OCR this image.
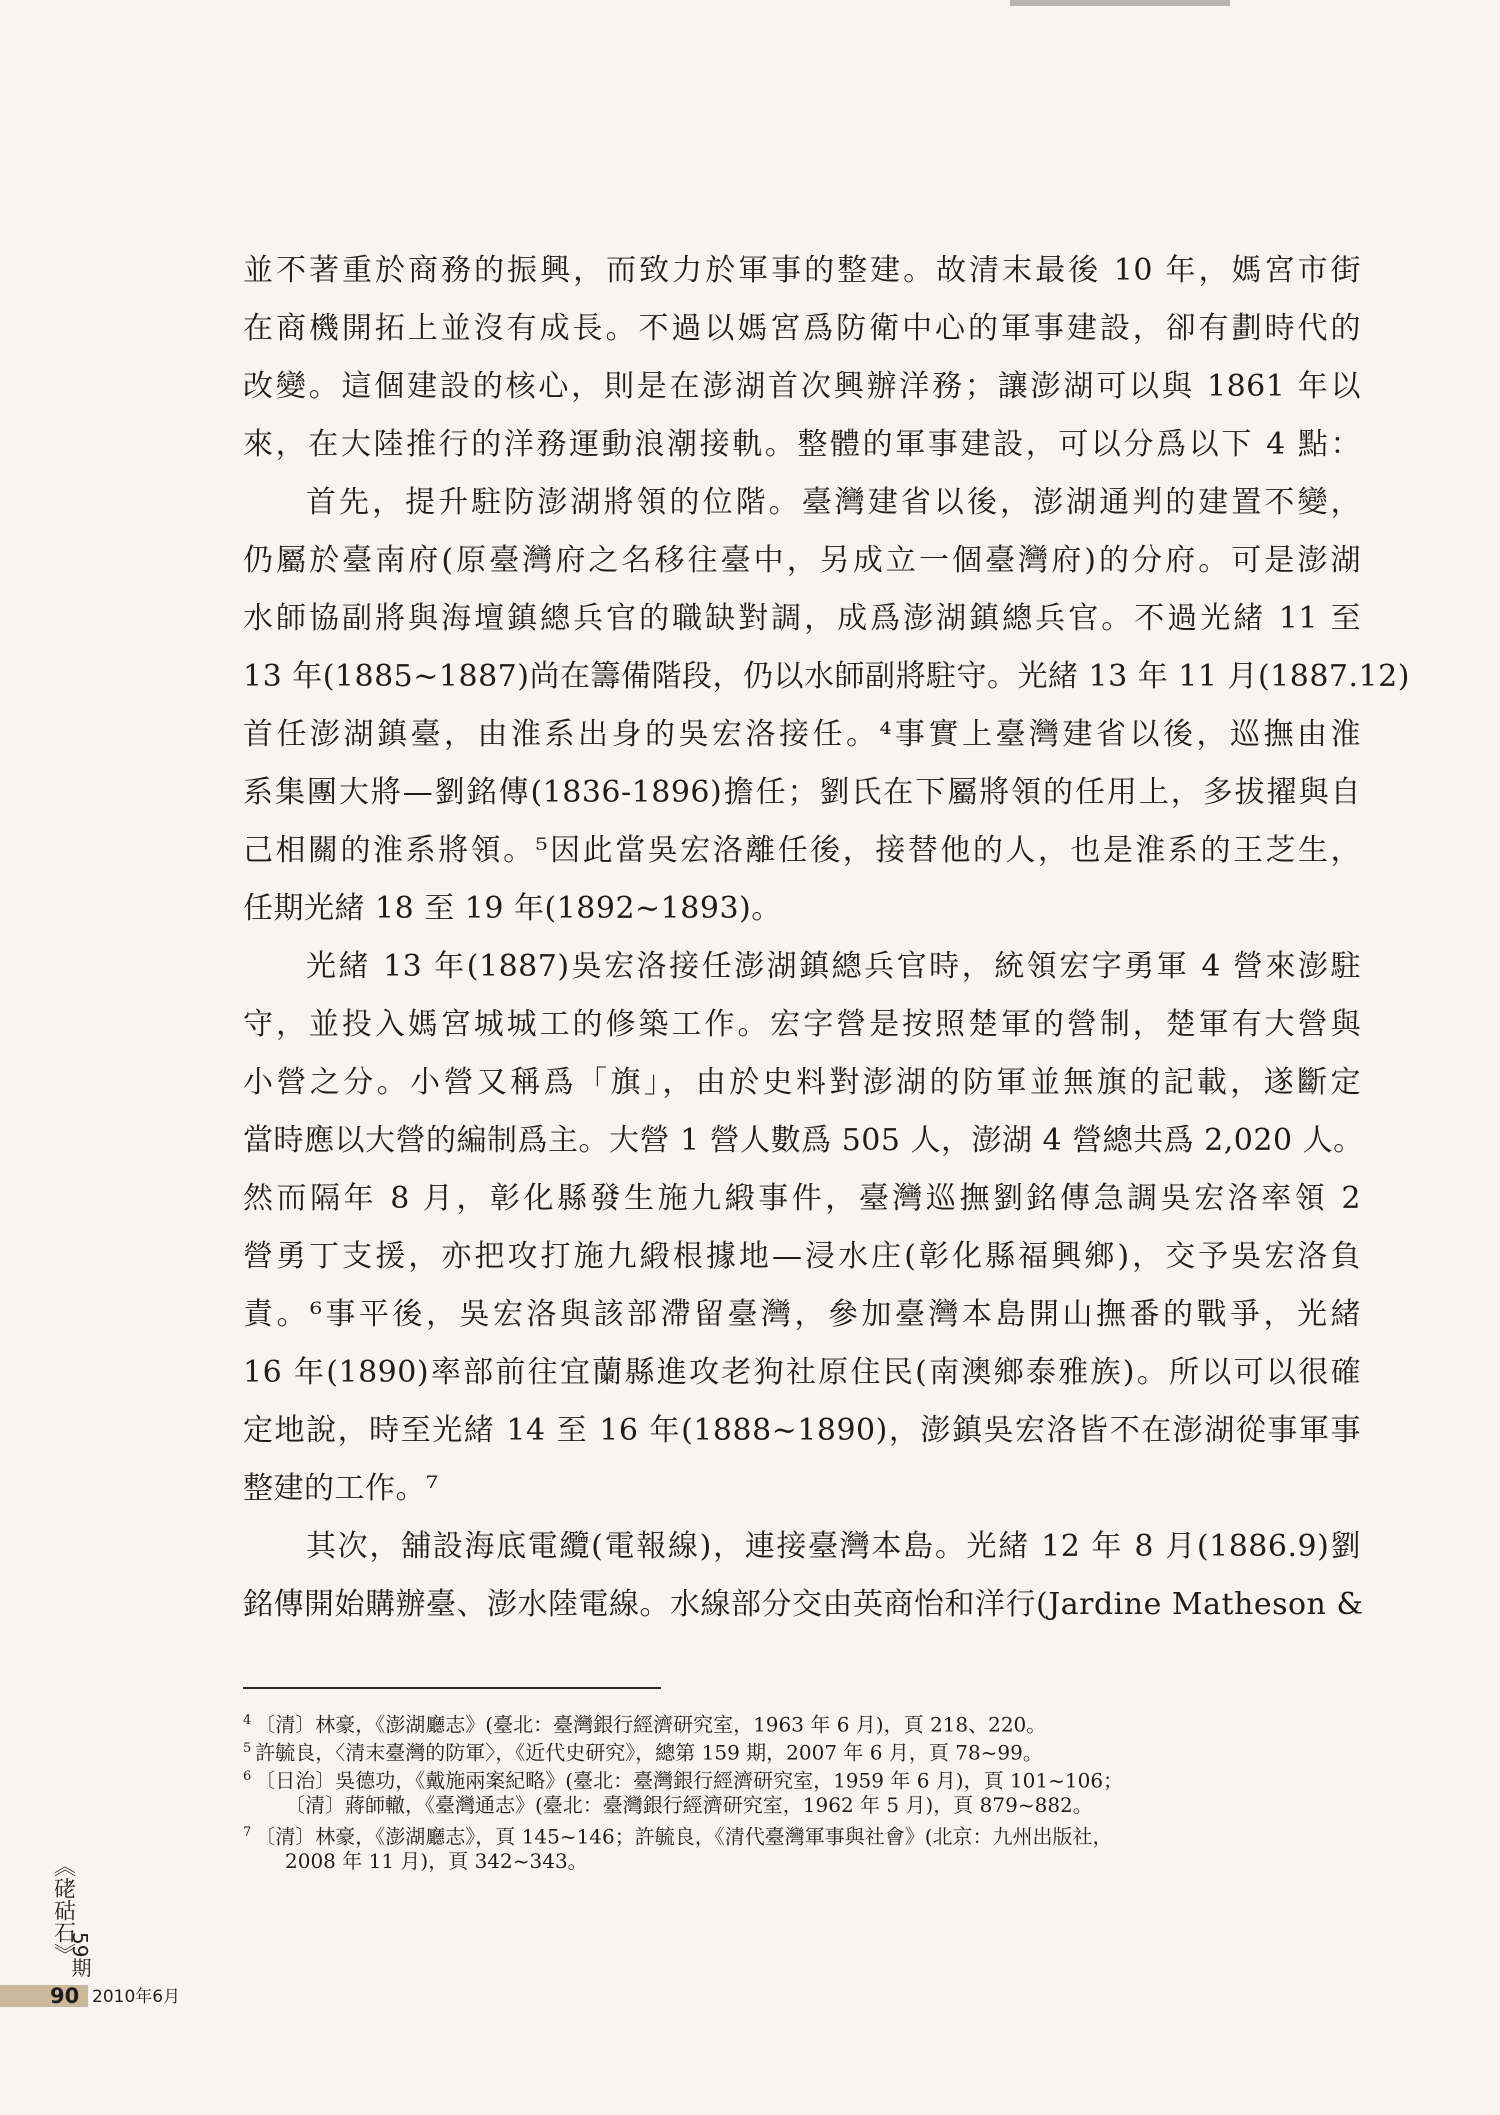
並不著重於商務的振興，而致力於軍事的整建。故清末最後 10 年，媽宮市街
在商機開拓上並沒有成長。不過以媽宮爲防衛中心的軍事建設，卻有劃時代的
改變。這個建設的核心，則是在澎湖首次興辦洋務；讓澎湖可以與 1861 年以
來，在大陸推行的洋務運動浪潮接軌。整體的軍事建設，可以分爲以下 4 點：
首先，提升駐防澎湖將領的位階。臺灣建省以後，澎湖通判的建置不變，
仍屬於臺南府(原臺灣府之名移往臺中，另成立一個臺灣府)的分府。可是澎湖
水師協副將與海壇鎮總兵官的職缺對調，成爲澎湖鎮總兵官。不過光緒 11 至
13 年(1885~1887)尚在籌備階段，仍以水師副將駐守。光緒 13 年 11 月(1887.12)
首任澎湖鎮臺，由淮系出身的吳宏洛接任。⁴事實上臺灣建省以後，巡撫由淮
系集團大將—劉銘傳(1836-1896)擔任；劉氏在下屬將領的任用上，多拔擢與自
己相關的淮系將領。⁵因此當吳宏洛離任後，接替他的人，也是淮系的王芝生，
任期光緒 18 至 19 年(1892~1893)。
光緒 13 年(1887)吳宏洛接任澎湖鎮總兵官時，統領宏字勇軍 4 營來澎駐
守，並投入媽宮城城工的修築工作。宏字營是按照楚軍的營制，楚軍有大營與
小營之分。小營又稱爲「旗」，由於史料對澎湖的防軍並無旗的記載，遂斷定
當時應以大營的編制爲主。大營 1 營人數爲 505 人，澎湖 4 營總共爲 2,020 人。
然而隔年 8 月，彰化縣發生施九緞事件，臺灣巡撫劉銘傳急調吳宏洛率領 2
營勇丁支援，亦把攻打施九緞根據地—浸水庄(彰化縣福興鄉)，交予吳宏洛負
責。⁶事平後，吳宏洛與該部滯留臺灣，參加臺灣本島開山撫番的戰爭，光緒
16 年(1890)率部前往宜蘭縣進攻老狗社原住民(南澳鄉泰雅族)。所以可以很確
定地說，時至光緒 14 至 16 年(1888~1890)，澎鎮吳宏洛皆不在澎湖從事軍事
整建的工作。⁷
其次，舖設海底電纜(電報線)，連接臺灣本島。光緒 12 年 8 月(1886.9)劉
銘傳開始購辦臺、澎水陸電線。水線部分交由英商怡和洋行(Jardine Matheson &
$^4$ 〔清〕林豪，《澎湖廳志》(臺北：臺灣銀行經濟研究室，1963 年 6 月)，頁 218、220。
$^5$ 許毓良，〈清末臺灣的防軍〉，《近代史研究》，總第 159 期，2007 年 6 月，頁 78~99。
$^6$ 〔日治〕吳德功，《戴施兩案紀略》(臺北：臺灣銀行經濟研究室，1959 年 6 月)，頁 101~106；
〔清〕蔣師轍，《臺灣通志》(臺北：臺灣銀行經濟研究室，1962 年 5 月)，頁 879~882。
$^7$ 〔清〕林豪，《澎湖廳志》，頁 145~146；許毓良，《清代臺灣軍事與社會》(北京：九州出版社，
2008 年 11 月)，頁 342~343。
《硓𥑮石》
59期
90 2010年6月
